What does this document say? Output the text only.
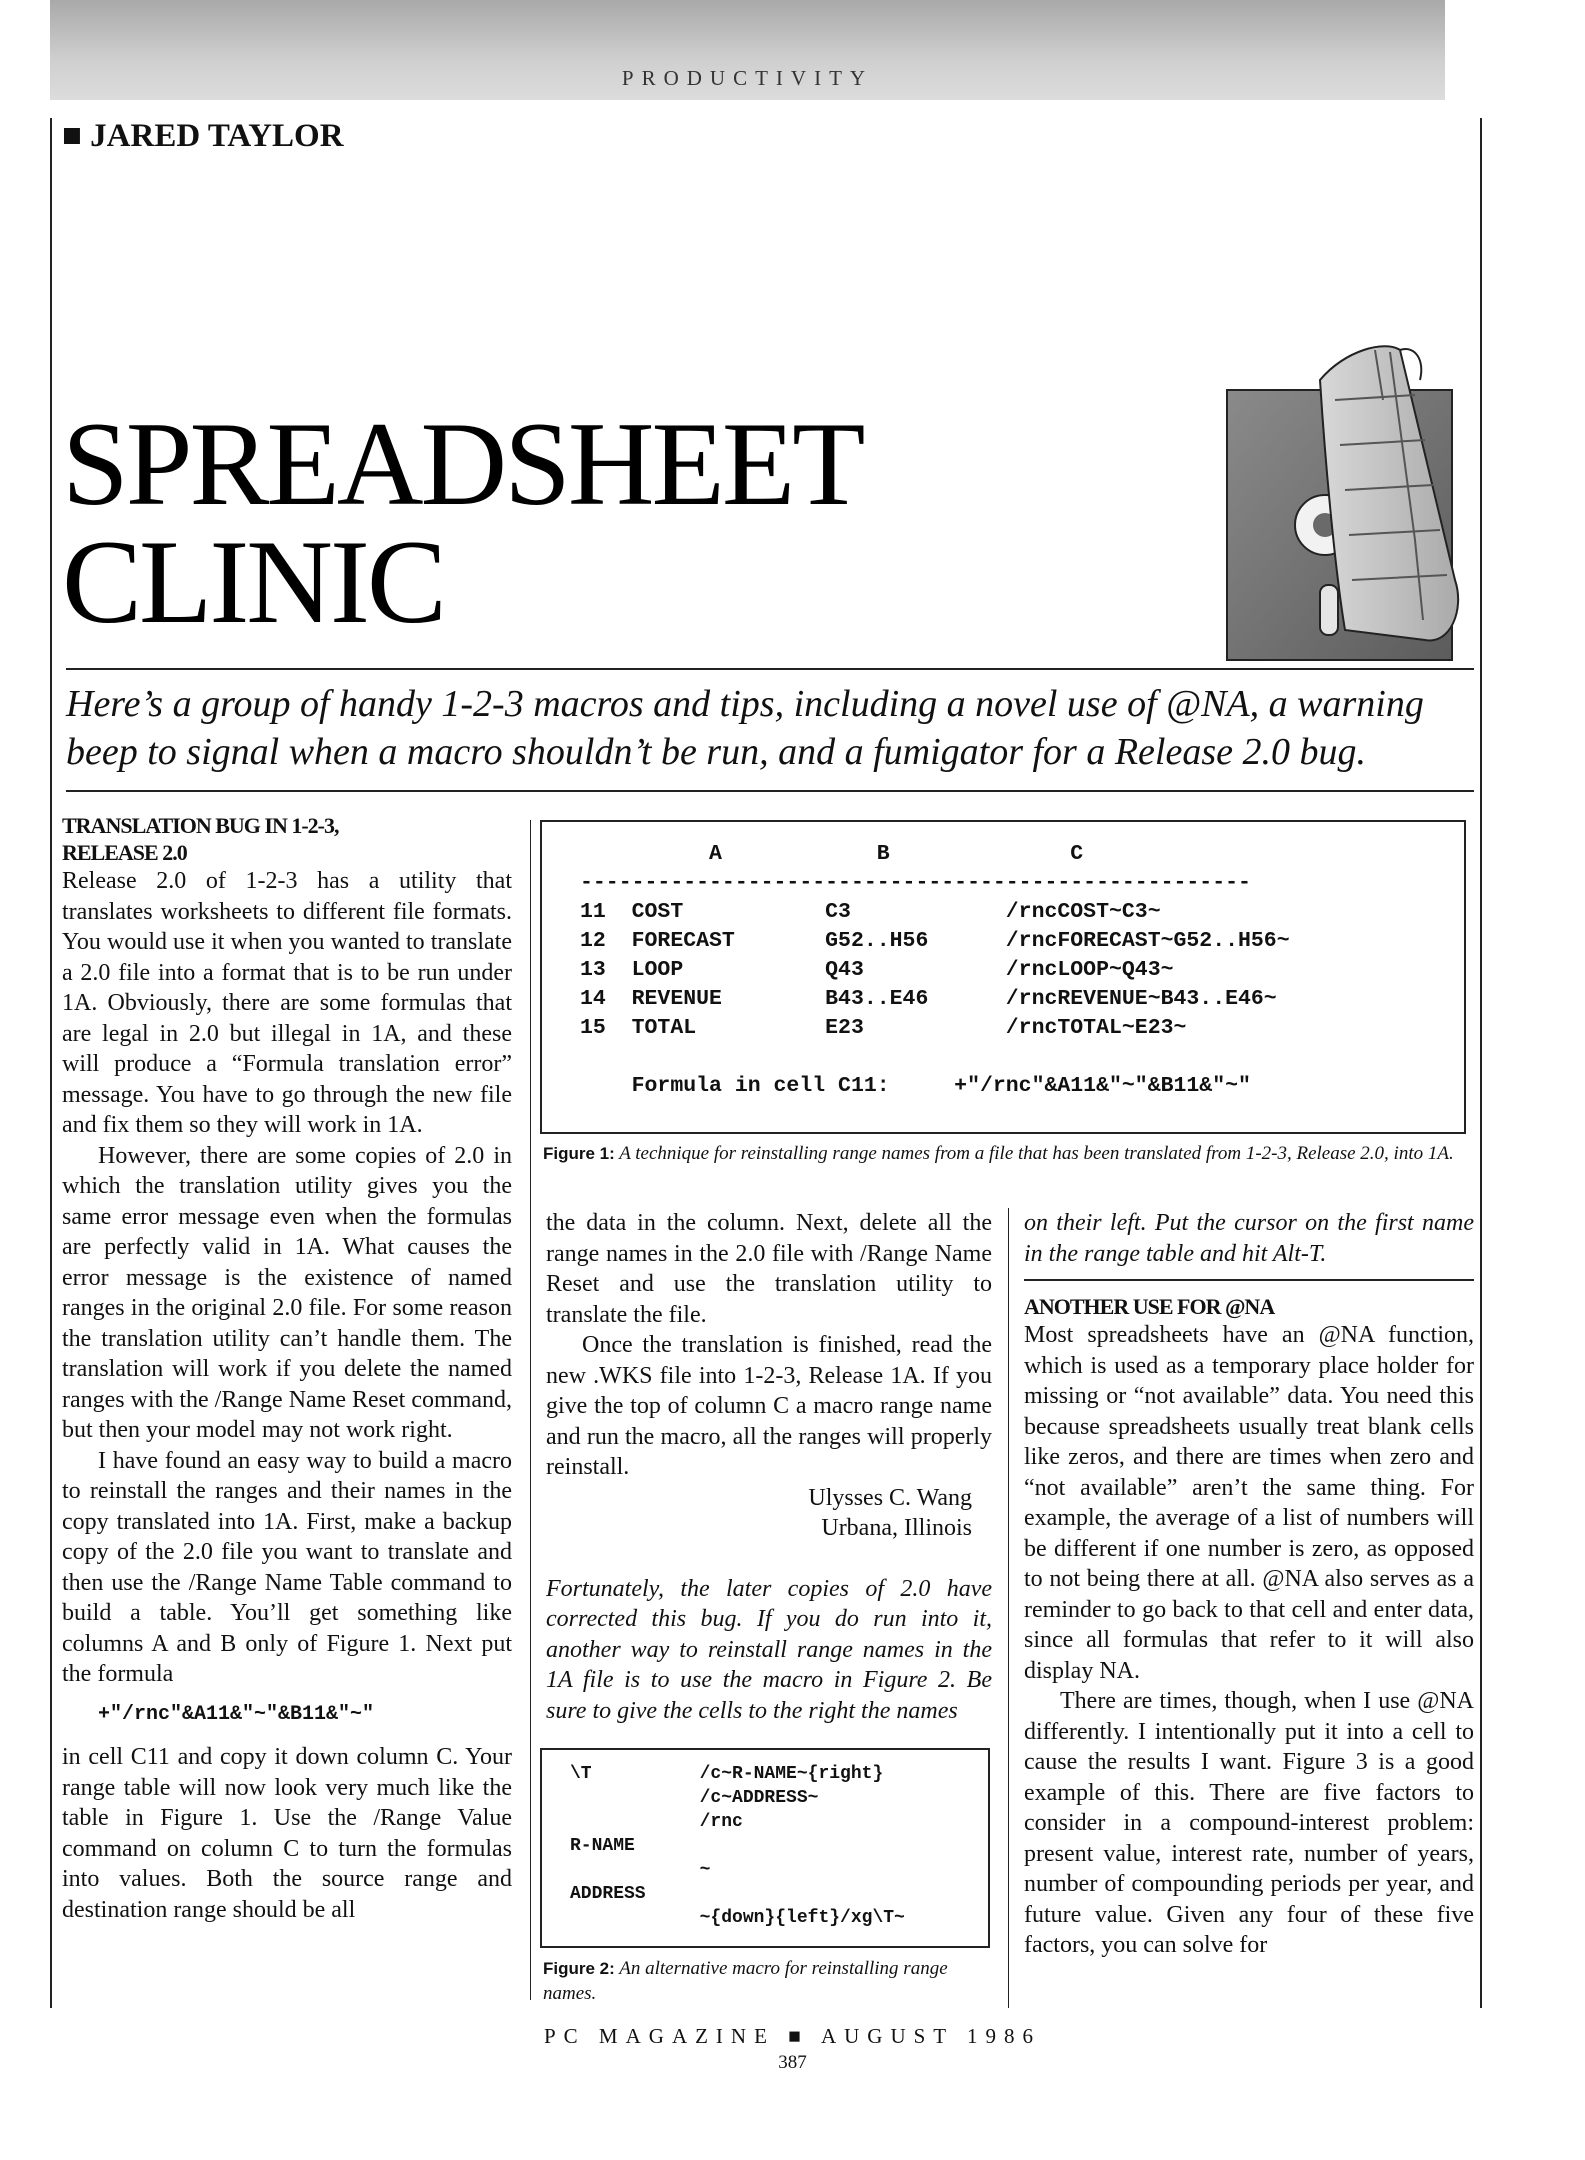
PRODUCTIVITY
■ JARED TAYLOR
SPREADSHEET
CLINIC
Here’s a group of handy 1-2-3 macros and tips, including a novel use of @NA, a warning beep to signal when a macro shouldn’t be run, and a fumigator for a Release 2.0 bug.

TRANSLATION BUG IN 1-2-3,
RELEASE 2.0

Release 2.0 of 1-2-3 has a utility that translates worksheets to different file formats. You would use it when you wanted to translate a 2.0 file into a format that is to be run under 1A. Obviously, there are some formulas that are legal in 2.0 but illegal in 1A, and these will produce a “Formula translation error” message. You have to go through the new file and fix them so they will work in 1A.

However, there are some copies of 2.0 in which the translation utility gives you the same error message even when the formulas are perfectly valid in 1A. What causes the error message is the existence of named ranges in the original 2.0 file. For some reason the translation utility can’t handle them. The translation will work if you delete the named ranges with the /Range Name Reset command, but then your model may not work right.

I have found an easy way to build a macro to reinstall the ranges and their names in the copy translated into 1A. First, make a backup copy of the 2.0 file you want to translate and then use the /Range Name Table command to build a table. You’ll get something like columns A and B only of Figure 1. Next put the formula

+"/rnc"&A11&"~"&B11&"~"

in cell C11 and copy it down column C. Your range table will now look very much like the table in Figure 1. Use the /Range Value command on column C to turn the formulas into values. Both the source range and destination range should be all

A            B              C
----------------------------------------------------
11  COST           C3            /rncCOST~C3~
12  FORECAST       G52..H56      /rncFORECAST~G52..H56~
13  LOOP           Q43           /rncLOOP~Q43~
14  REVENUE        B43..E46      /rncREVENUE~B43..E46~
15  TOTAL          E23           /rncTOTAL~E23~

Formula in cell C11:     +"/rnc"&A11&"~"&B11&"~"
Figure 1: A technique for reinstalling range names from a file that has been translated from 1-2-3, Release 2.0, into 1A.

the data in the column. Next, delete all the range names in the 2.0 file with /Range Name Reset and use the translation utility to translate the file.

Once the translation is finished, read the new .WKS file into 1-2-3, Release 1A. If you give the top of column C a macro range name and run the macro, all the ranges will properly reinstall.

Ulysses C. Wang
Urbana, Illinois

Fortunately, the later copies of 2.0 have corrected this bug. If you do run into it, another way to reinstall range names in the 1A file is to use the macro in Figure 2. Be sure to give the cells to the right the names

\T          /c~R-NAME~{right}
/c~ADDRESS~
/rnc
R-NAME
~
ADDRESS
~{down}{left}/xg\T~
Figure 2: An alternative macro for reinstalling range names.

on their left. Put the cursor on the first name in the range table and hit Alt-T.

ANOTHER USE FOR @NA

Most spreadsheets have an @NA function, which is used as a temporary place holder for missing or “not available” data. You need this because spreadsheets usually treat blank cells like zeros, and there are times when zero and “not available” aren’t the same thing. For example, the average of a list of numbers will be different if one number is zero, as opposed to not being there at all. @NA also serves as a reminder to go back to that cell and enter data, since all formulas that refer to it will also display NA.

There are times, though, when I use @NA differently. I intentionally put it into a cell to cause the results I want. Figure 3 is a good example of this. There are five factors to consider in a compound-interest problem: present value, interest rate, number of years, number of compounding periods per year, and future value. Given any four of these five factors, you can solve for

PC MAGAZINE ■ AUGUST 1986
387
